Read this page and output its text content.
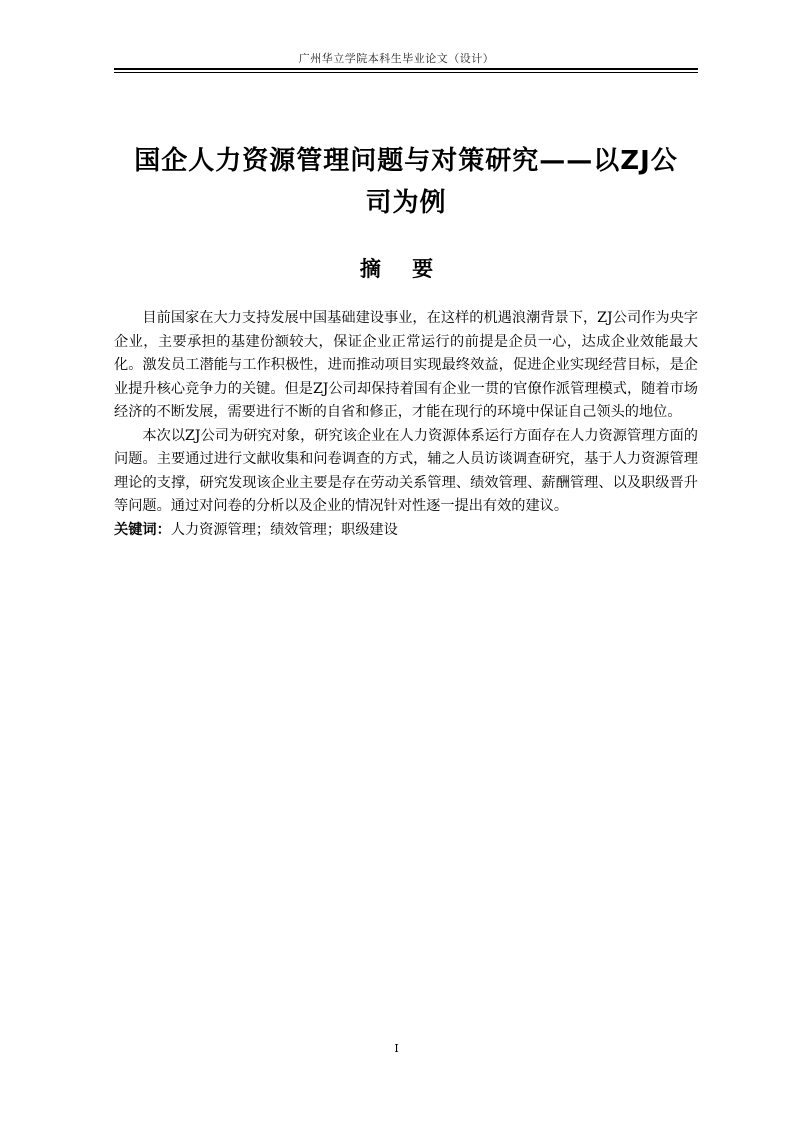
广州华立学院本科生毕业论文（设计）
国企人力资源管理问题与对策研究——以ZJ公
司为例
摘 要

目前国家在大力支持发展中国基础建设事业，在这样的机遇浪潮背景下，ZJ公司作为央字企业，主要承担的基建份额较大，保证企业正常运行的前提是企员一心，达成企业效能最大化。激发员工潜能与工作积极性，进而推动项目实现最终效益，促进企业实现经营目标，是企业提升核心竞争力的关键。但是ZJ公司却保持着国有企业一贯的官僚作派管理模式，随着市场经济的不断发展，需要进行不断的自省和修正，才能在现行的环境中保证自己领头的地位。

本次以ZJ公司为研究对象，研究该企业在人力资源体系运行方面存在人力资源管理方面的问题。主要通过进行文献收集和问卷调查的方式，辅之人员访谈调查研究，基于人力资源管理理论的支撑，研究发现该企业主要是存在劳动关系管理、绩效管理、薪酬管理、以及职级晋升等问题。通过对问卷的分析以及企业的情况针对性逐一提出有效的建议。

关键词：人力资源管理；绩效管理；职级建设
I
